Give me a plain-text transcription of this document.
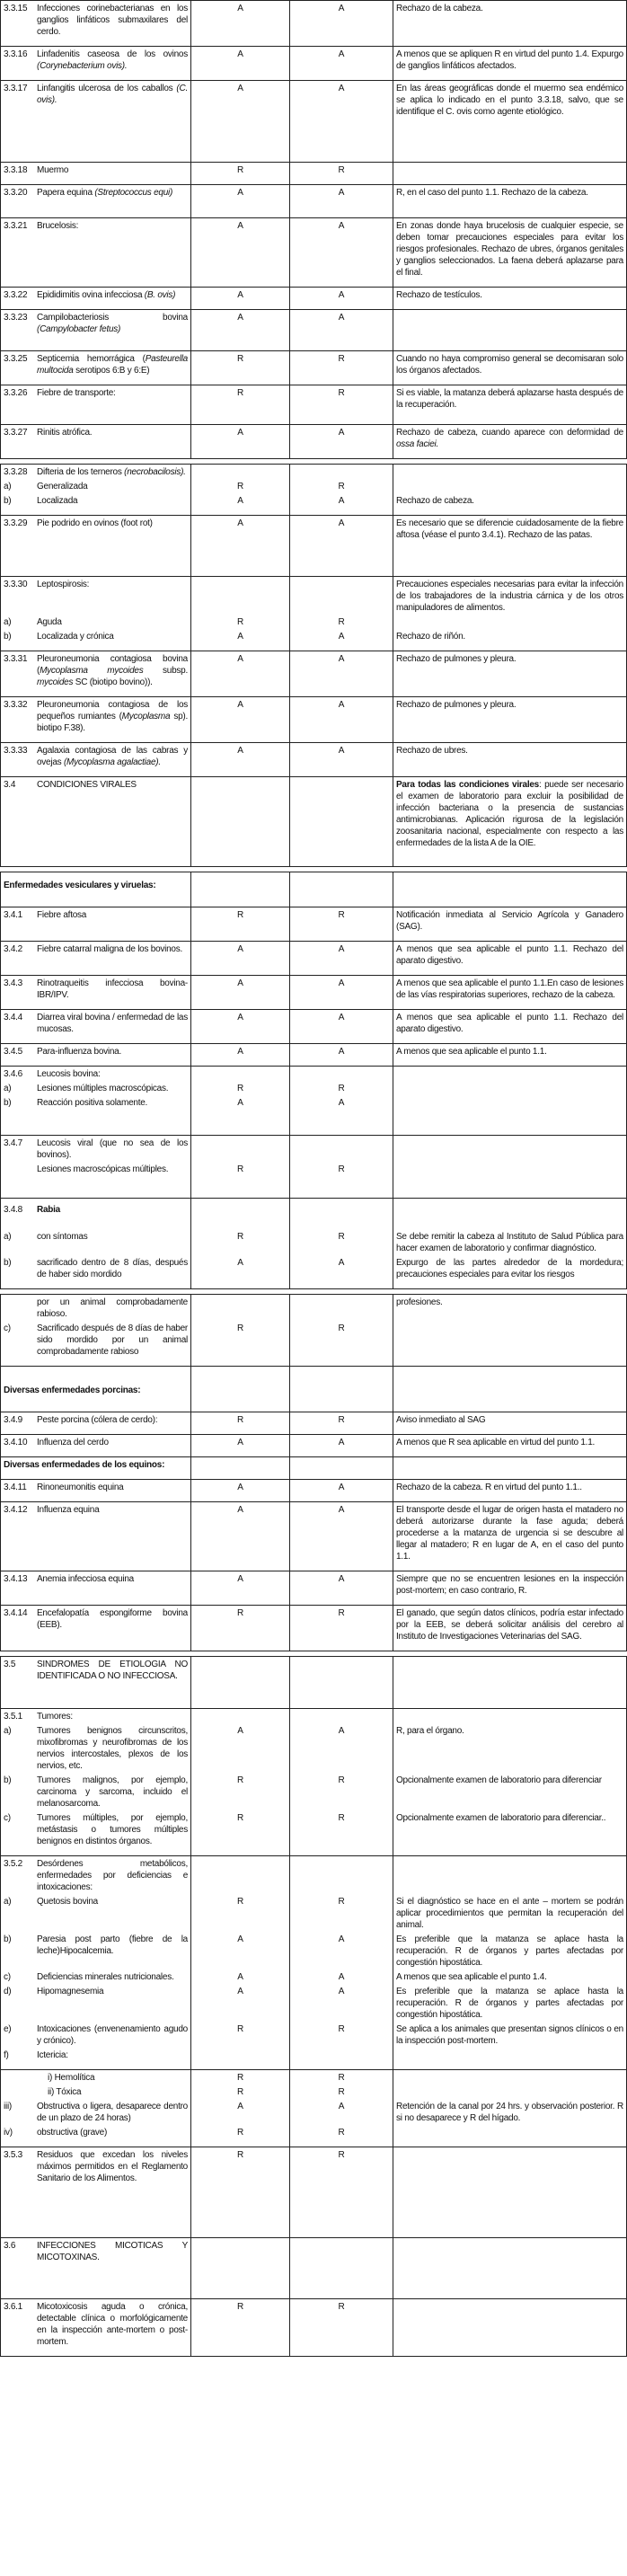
3.3.15 Infecciones corinebacterianas en los ganglios linfáticos submaxilares del cerdo.	A	A	Rechazo de la cabeza.

3.3.16 Linfadenitis caseosa de los ovinos (Corynebacterium ovis).	A	A	A menos que se apliquen R en virtud del punto 1.4. Expurgo de ganglios linfáticos afectados.

3.3.17 Linfangitis ulcerosa de los caballos (C. ovis).	A	A	En las áreas geográficas donde el muermo sea endémico se aplica lo indicado en el punto 3.3.18, salvo, que se identifique el C. ovis como agente etiológico.

3.3.18 Muermo	R	R	

3.3.20 Papera equina (Streptococcus equi)	A	A	R, en el caso del punto 1.1. Rechazo de la cabeza.

3.3.21 Brucelosis:	A	A	En zonas donde haya brucelosis de cualquier especie, se deben tomar precauciones especiales para evitar los riesgos profesionales. Rechazo de ubres, órganos genitales y ganglios seleccionados. La faena deberá aplazarse para el final.

3.3.22 Epididimitis ovina infecciosa (B. ovis)	A	A	Rechazo de testículos.

3.3.23 Campilobacteriosis bovina (Campylobacter fetus)	A	A	

3.3.25 Septicemia hemorrágica (Pasteurella multocida serotipos 6:B y 6:E)	R	R	Cuando no haya compromiso general se decomisaran solo los órganos afectados.

3.3.26 Fiebre de transporte:	R	R	Si es viable, la matanza deberá aplazarse hasta después de la recuperación.

3.3.27 Rinitis atrófica.	A	A	Rechazo de cabeza, cuando aparece con deformidad de ossa faciei.
3.3.28 Difteria de los terneros (necrobacilosis).			

a) Generalizada	R	R	

b) Localizada	A	A	Rechazo de cabeza.

3.3.29 Pie podrido en ovinos (foot rot)	A	A	Es necesario que se diferencie cuidadosamente de la fiebre aftosa (véase el punto 3.4.1). Rechazo de las patas.

3.3.30 Leptospirosis:			Precauciones especiales necesarias para evitar la infección de los trabajadores de la industria cárnica y de los otros manipuladores de alimentos.

a) Aguda	R	R	

b) Localizada y crónica	A	A	Rechazo de riñón.

3.3.31 Pleuroneumonia contagiosa bovina (Mycoplasma mycoides subsp. mycoides SC (biotipo bovino)).	A	A	Rechazo de pulmones y pleura.

3.3.32 Pleuroneumonia contagiosa de los pequeños rumiantes (Mycoplasma sp). biotipo F.38).	A	A	Rechazo de pulmones y pleura.

3.3.33 Agalaxia contagiosa de las cabras y ovejas (Mycoplasma agalactiae).	A	A	Rechazo de ubres.

3.4 CONDICIONES VIRALES			Para todas las condiciones virales: puede ser necesario el examen de laboratorio para excluir la posibilidad de infección bacteriana o la presencia de sustancias antimicrobianas. Aplicación rigurosa de la legislación zoosanitaria nacional, especialmente con respecto a las enfermedades de la lista A de la OIE.
Enfermedades vesiculares y viruelas:			

3.4.1 Fiebre aftosa	R	R	Notificación inmediata al Servicio Agrícola y Ganadero (SAG).

3.4.2 Fiebre catarral maligna de los bovinos.	A	A	A menos que sea aplicable el punto 1.1. Rechazo del aparato digestivo.

3.4.3 Rinotraqueitis infecciosa bovina-IBR/IPV.	A	A	A menos que sea aplicable el punto 1.1.En caso de lesiones de las vías respiratorias superiores, rechazo de la cabeza.

3.4.4 Diarrea viral bovina / enfermedad de las mucosas.	A	A	A menos que sea aplicable el punto 1.1. Rechazo del aparato digestivo.

3.4.5 Para-influenza bovina.	A	A	A menos que sea aplicable el punto 1.1.

3.4.6 Leucosis bovina:			

a) Lesiones múltiples macroscópicas.	R	R	

b) Reacción positiva solamente.	A	A	

3.4.7 Leucosis viral (que no sea de los bovinos).			

Lesiones macroscópicas múltiples.	R	R	

3.4.8 Rabia			

a) con síntomas	R	R	Se debe remitir la cabeza al Instituto de Salud Pública para hacer examen de laboratorio y confirmar diagnóstico.

b) sacrificado dentro de 8 días, después de haber sido mordido	A	A	Expurgo de las partes alrededor de la mordedura; precauciones especiales para evitar los riesgos
por un animal comprobadamente rabioso.			profesiones.

c) Sacrificado después de 8 días de haber sido mordido por un animal comprobadamente rabioso	R	R	

Diversas enfermedades porcinas:			

3.4.9 Peste porcina (cólera de cerdo):	R	R	Aviso inmediato al SAG

3.4.10 Influenza del cerdo	A	A	A menos que R sea aplicable en virtud del punto 1.1.

Diversas enfermedades de los equinos:			

3.4.11 Rinoneumonitis equina	A	A	Rechazo de la cabeza. R en virtud del punto 1.1..

3.4.12 Influenza equina	A	A	El transporte desde el lugar de origen hasta el matadero no deberá autorizarse durante la fase aguda; deberá procederse a la matanza de urgencia si se descubre al llegar al matadero; R en lugar de A, en el caso del punto 1.1.

3.4.13 Anemia infecciosa equina	A	A	Siempre que no se encuentren lesiones en la inspección post-mortem; en caso contrario, R.

3.4.14 Encefalopatía espongiforme bovina (EEB).	R	R	El ganado, que según datos clínicos, podría estar infectado por la EEB, se deberá solicitar análisis del cerebro al Instituto de Investigaciones Veterinarias del SAG.
3.5 SINDROMES DE ETIOLOGIA NO IDENTIFICADA O NO INFECCIOSA.			

3.5.1 Tumores:			

a) Tumores benignos circunscritos, mixofibromas y neurofibromas de los nervios intercostales, plexos de los nervios, etc.	A	A	R, para el órgano.

b) Tumores malignos, por ejemplo, carcinoma y sarcoma, incluido el melanosarcoma.	R	R	Opcionalmente examen de laboratorio para diferenciar

c) Tumores múltiples, por ejemplo, metástasis o tumores múltiples benignos en distintos órganos.	R	R	Opcionalmente examen de laboratorio para diferenciar..

3.5.2 Desórdenes metabólicos, enfermedades por deficiencias e intoxicaciones:			

a) Quetosis bovina	R	R	Si el diagnóstico se hace en el ante – mortem se podrán aplicar procedimientos que permitan la recuperación del animal.

b) Paresia post parto (fiebre de la leche)Hipocalcemia.	A	A	Es preferible que la matanza se aplace hasta la recuperación. R de órganos y partes afectadas por congestión hipostática.

c) Deficiencias minerales nutricionales.	A	A	A menos que sea aplicable el punto 1.4.

d) Hipomagnesemia	A	A	Es preferible que la matanza se aplace hasta la recuperación. R de órganos y partes afectadas por congestión hipostática.

e) Intoxicaciones (envenenamiento agudo y crónico).	R	R	Se aplica a los animales que presentan signos clínicos o en la inspección post-mortem.

f) Ictericia:			

i) Hemolítica	R	R	

ii) Tóxica	R	R	

iii) Obstructiva o ligera, desaparece dentro de un plazo de 24 horas)	A	A	Retención de la canal por 24 hrs. y observación posterior. R si no desaparece y R del hígado.

iv) obstructiva (grave)	R	R	

3.5.3 Residuos que excedan los niveles máximos permitidos en el Reglamento Sanitario de los Alimentos.	R	R	

3.6 INFECCIONES MICOTICAS Y MICOTOXINAS.			

3.6.1 Micotoxicosis aguda o crónica, detectable clínica o morfológicamente en la inspección ante-mortem o post-mortem.	R	R	
